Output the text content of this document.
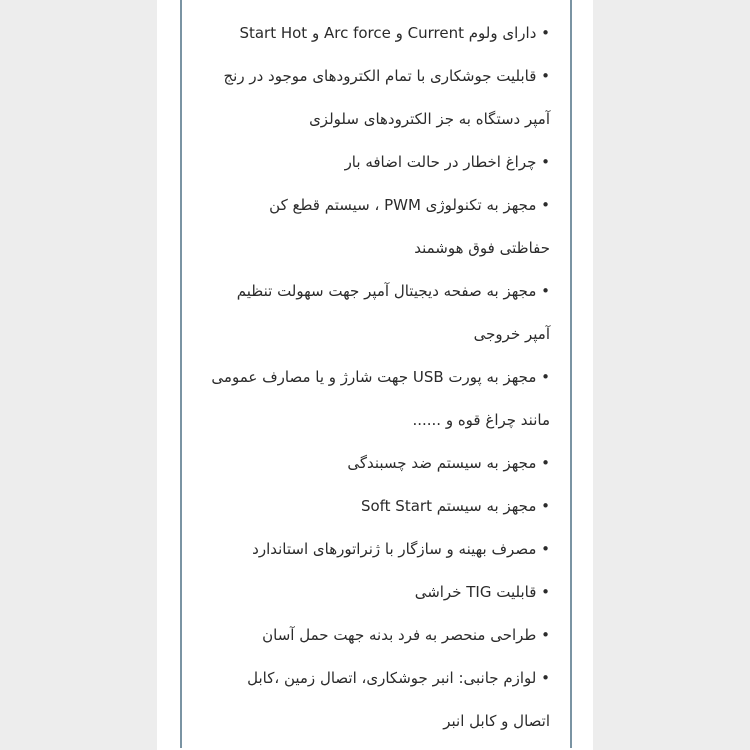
• دارای ولوم Current و Arc force و Start Hot
• قابلیت جوشکاری با تمام الکترودهای موجود در رنج
آمپر دستگاه به جز الکترودهای سلولزی
• چراغ اخطار در حالت اضافه بار
• مجهز به تکنولوژی PWM ، سیستم قطع کن
حفاظتی فوق هوشمند
• مجهز به صفحه دیجیتال آمپر جهت سهولت تنظیم
آمپر خروجی
• مجهز به پورت USB جهت شارژ و یا مصارف عمومی
مانند چراغ قوه و ......
• مجهز به سیستم ضد چسبندگی
• مجهز به سیستم Soft Start
• مصرف بهینه و سازگار با ژنراتورهای استاندارد
• قابلیت TIG خراشی
• طراحی منحصر به فرد بدنه جهت حمل آسان
• لوازم جانبی: انبر جوشکاری، اتصال زمین ،کابل
اتصال و کابل انبر
